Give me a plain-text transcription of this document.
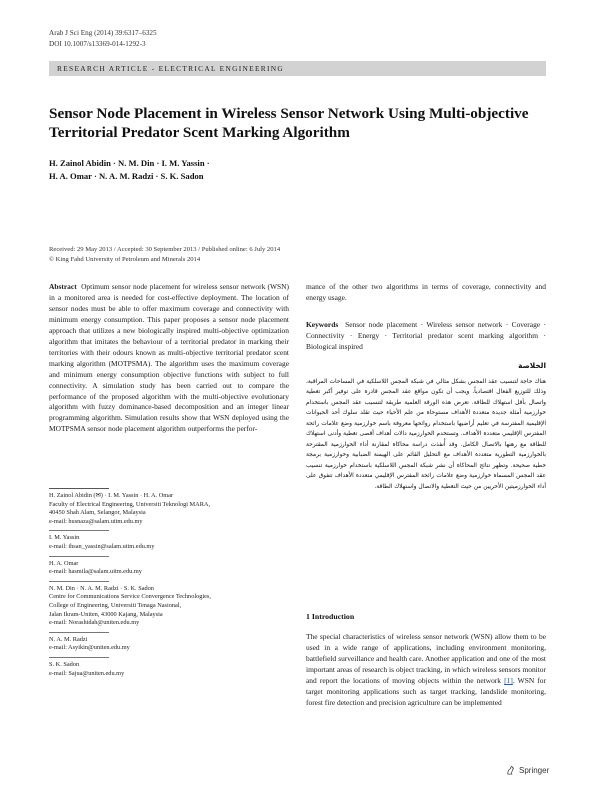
Arab J Sci Eng (2014) 39:6317–6325
DOI 10.1007/s13369-014-1292-3
RESEARCH ARTICLE - ELECTRICAL ENGINEERING
Sensor Node Placement in Wireless Sensor Network Using Multi-objective Territorial Predator Scent Marking Algorithm
H. Zainol Abidin · N. M. Din · I. M. Yassin ·
H. A. Omar · N. A. M. Radzi · S. K. Sadon
Received: 29 May 2013 / Accepted: 30 September 2013 / Published online: 6 July 2014
© King Fahd University of Petroleum and Minerals 2014
Abstract Optimum sensor node placement for wireless sensor network (WSN) in a monitored area is needed for cost-effective deployment. The location of sensor nodes must be able to offer maximum coverage and connectivity with minimum energy consumption. This paper proposes a sensor node placement approach that utilizes a new biologically inspired multi-objective optimization algorithm that imitates the behaviour of a territorial predator in marking their territories with their odours known as multi-objective territorial predator scent marking algorithm (MOTPSMA). The algorithm uses the maximum coverage and minimum energy consumption objective functions with subject to full connectivity. A simulation study has been carried out to compare the performance of the proposed algorithm with the multi-objective evolutionary algorithm with fuzzy dominance-based decomposition and an integer linear programming algorithm. Simulation results show that WSN deployed using the MOTPSMA sensor node placement algorithm outperforms the perfor-
H. Zainol Abidin (✉) · I. M. Yassin · H. A. Omar
Faculty of Electrical Engineering, Universiti Teknologi MARA,
40450 Shah Alam, Selangor, Malaysia
e-mail: husnaza@salam.uitm.edu.my
I. M. Yassin
e-mail: ihsan_yassin@salam.uitm.edu.my
H. A. Omar
e-mail: hasmila@salam.uitm.edu.my
N. M. Din · N. A. M. Radzi · S. K. Sadon
Centre for Communications Service Convergence Technologies,
College of Engineering, Universiti Tenaga Nasional,
Jalan Ikram-Uniten, 43000 Kajang, Malaysia
e-mail: Norashidah@uniten.edu.my
N. A. M. Radzi
e-mail: Asyikin@uniten.edu.my
S. K. Sadon
e-mail: Sajua@uniten.edu.my
mance of the other two algorithms in terms of coverage, connectivity and energy usage.
Keywords Sensor node placement · Wireless sensor network · Coverage · Connectivity · Energy · Territorial predator scent marking algorithm · Biological inspired
الخلاصة
هناك حاجة لتنسيب عقد المجس بشكل مثالي في شبكة المجس اللاسلكية في المساحات المراقبة، وذلك للتوزيع الفعال اقتصادياً. ويجب أن تكون مواقع عقد المجس قادرة على توفير أكبر تغطية واتصال بأقل استهلاك للطاقة. تعرض هذه الورقة العلمية طريقة لتنسيب عقد المجس باستخدام خوارزمية أمثلة جديدة متعددة الأهداف مستوحاة من علم الأحياء حيث تقلد سلوك أحد الحيوانات الإقليمية المفترسة في تعليم أراضيها باستخدام روائحها معروفة باسم خوارزمية وضع علامات رائحة المفترس الإقليمي متعددة الأهداف. وتستخدم الخوارزمية دالات أهداف أقصى تغطية وأدنى استهلاك للطاقة مع رهنها بالاتصال الكامل. وقد أُنفذت دراسة محاكاة لمقارنة أداء الخوارزمية المقترحة بالخوارزمية التطورية متعددة الأهداف مع التحليل القائم على الهيمنة الضبابية وخوارزمية برمجة خطية صحيحة. وتظهر نتائج المحاكاة أن نشر شبكة المجس اللاسلكية باستخدام خوارزمية تنسيب عقد المجس المسماة خوارزمية وضع علامات رائحة المفترس الإقليمي متعددة الأهداف تتفوق على أداء الخوارزميتين الأخريين من حيث التغطية والاتصال واستهلاك الطاقة.
1 Introduction
The special characteristics of wireless sensor network (WSN) allow them to be used in a wide range of applications, including environment monitoring, battlefield surveillance and health care. Another application and one of the most important areas of research is object tracking, in which wireless sensors monitor and report the locations of moving objects within the network [1]. WSN for target monitoring applications such as target tracking, landslide monitoring, forest fire detection and precision agriculture can be implemented
Springer
